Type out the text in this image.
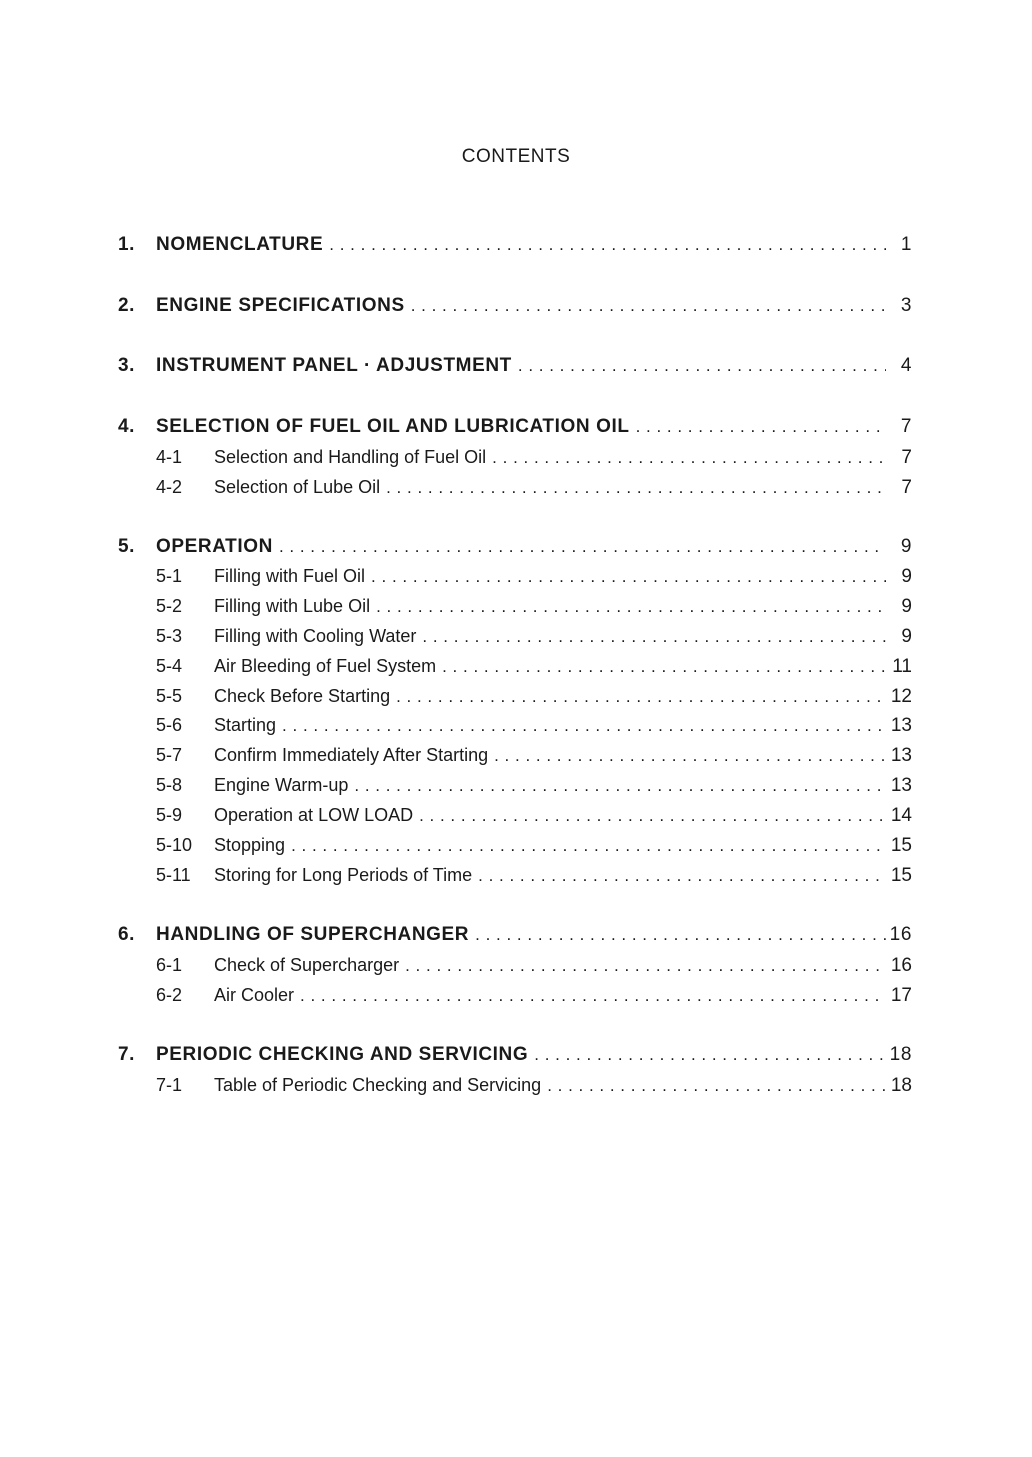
CONTENTS
1.	NOMENCLATURE . . .	1
2.	ENGINE SPECIFICATIONS . . .	3
3.	INSTRUMENT PANEL · ADJUSTMENT . . .	4
4.	SELECTION OF FUEL OIL AND LUBRICATION OIL . . .	7
4-1	Selection and Handling of Fuel Oil . . .	7
4-2	Selection of Lube Oil . . .	7
5.	OPERATION . . .	9
5-1	Filling with Fuel Oil . . .	9
5-2	Filling with Lube Oil . . .	9
5-3	Filling with Cooling Water . . .	9
5-4	Air Bleeding of Fuel System . . .	11
5-5	Check Before Starting . . .	12
5-6	Starting . . .	13
5-7	Confirm Immediately After Starting . . .	13
5-8	Engine Warm-up . . .	13
5-9	Operation at LOW LOAD . . .	14
5-10	Stopping . . .	15
5-11	Storing for Long Periods of Time . . .	15
6.	HANDLING OF SUPERCHANGER . . .	16
6-1	Check of Supercharger . . .	16
6-2	Air Cooler . . .	17
7.	PERIODIC CHECKING AND SERVICING . . .	18
7-1	Table of Periodic Checking and Servicing . . .	18
